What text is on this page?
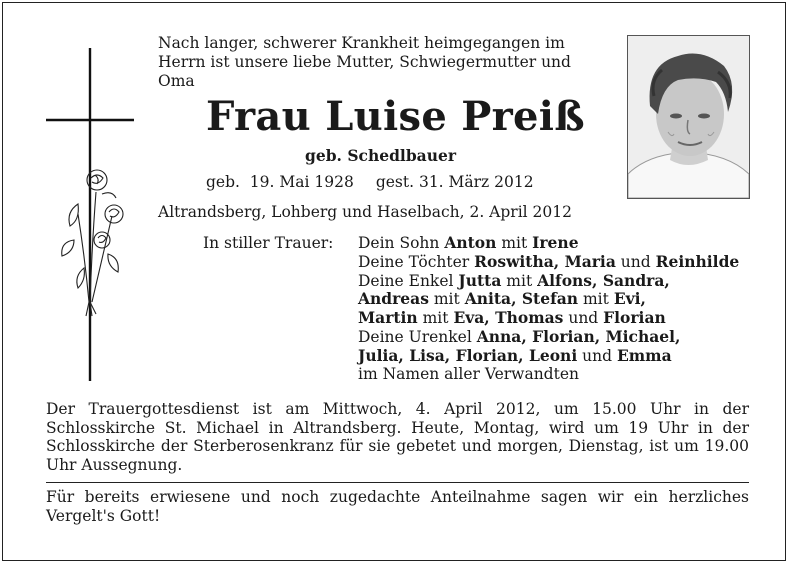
Nach langer, schwerer Krankheit heimgegangen im Herrn ist unsere liebe Mutter, Schwiegermutter und Oma
Frau Luise Preiß
geb. Schedlbauer
geb.  19. Mai 1928 gest. 31. März 2012
Altrandsberg, Lohberg und Haselbach, 2. April 2012
In stiller Trauer: Dein Sohn Anton mit Irene
Deine Töchter Roswitha, Maria und Reinhilde
Deine Enkel Jutta mit Alfons, Sandra,
Andreas mit Anita, Stefan mit Evi,
Martin mit Eva, Thomas und Florian
Deine Urenkel Anna, Florian, Michael,
Julia, Lisa, Florian, Leoni und Emma
im Namen aller Verwandten
Der Trauergottesdienst ist am Mittwoch, 4. April 2012, um 15.00 Uhr in der Schlosskirche St. Michael in Altrandsberg. Heute, Montag, wird um 19 Uhr in der Schlosskirche der Sterberosenkranz für sie gebetet und morgen, Dienstag, ist um 19.00 Uhr Aussegnung.
Für bereits erwiesene und noch zugedachte Anteilnahme sagen wir ein herzliches Vergelt's Gott!
